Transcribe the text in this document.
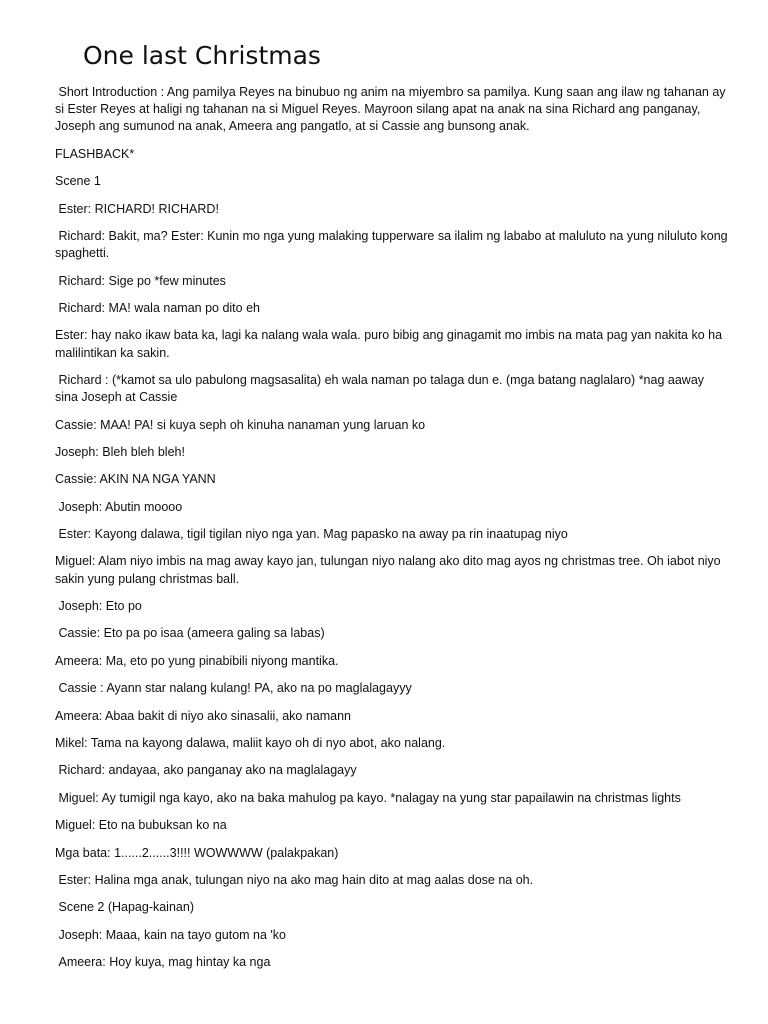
One last Christmas

Short Introduction : Ang pamilya Reyes na binubuo ng anim na miyembro sa pamilya. Kung saan ang ilaw ng tahanan ay si Ester Reyes at haligi ng tahanan na si Miguel Reyes. Mayroon silang apat na anak na sina Richard ang panganay, Joseph ang sumunod na anak, Ameera ang pangatlo, at si Cassie ang bunsong anak.

FLASHBACK*

Scene 1

Ester: RICHARD! RICHARD!

Richard: Bakit, ma? Ester: Kunin mo nga yung malaking tupperware sa ilalim ng lababo at maluluto na yung niluluto kong spaghetti.

Richard: Sige po *few minutes

Richard: MA! wala naman po dito eh

Ester: hay nako ikaw bata ka, lagi ka nalang wala wala. puro bibig ang ginagamit mo imbis na mata pag yan nakita ko ha malilintikan ka sakin.

Richard : (*kamot sa ulo pabulong magsasalita) eh wala naman po talaga dun e. (mga batang naglalaro) *nag aaway sina Joseph at Cassie

Cassie: MAA! PA! si kuya seph oh kinuha nanaman yung laruan ko

Joseph: Bleh bleh bleh!

Cassie: AKIN NA NGA YANN

Joseph: Abutin moooo

Ester: Kayong dalawa, tigil tigilan niyo nga yan. Mag papasko na away pa rin inaatupag niyo

Miguel: Alam niyo imbis na mag away kayo jan, tulungan niyo nalang ako dito mag ayos ng christmas tree. Oh iabot niyo sakin yung pulang christmas ball.

Joseph: Eto po

Cassie: Eto pa po isaa (ameera galing sa labas)

Ameera: Ma, eto po yung pinabibili niyong mantika.

Cassie : Ayann star nalang kulang! PA, ako na po maglalagayyy

Ameera: Abaa bakit di niyo ako sinasalii, ako namann

Mikel: Tama na kayong dalawa, maliit kayo oh di nyo abot, ako nalang.

Richard: andayaa, ako panganay ako na maglalagayy

Miguel: Ay tumigil nga kayo, ako na baka mahulog pa kayo. *nalagay na yung star papailawin na christmas lights

Miguel: Eto na bubuksan ko na

Mga bata: 1......2......3!!!! WOWWWW (palakpakan)

Ester: Halina mga anak, tulungan niyo na ako mag hain dito at mag aalas dose na oh.

Scene 2 (Hapag-kainan)

Joseph: Maaa, kain na tayo gutom na 'ko

Ameera: Hoy kuya, mag hintay ka nga
